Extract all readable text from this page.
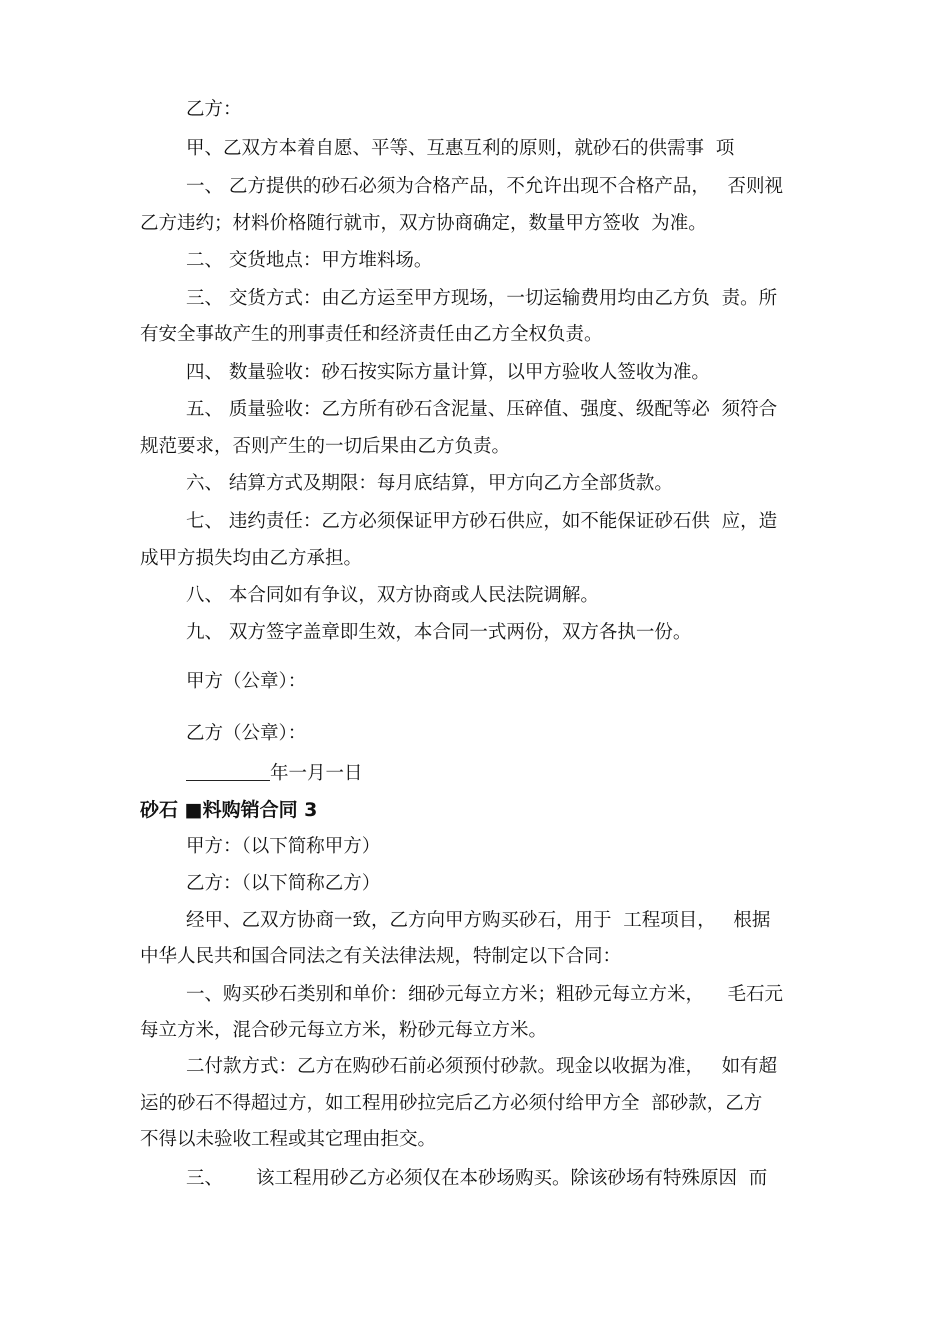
乙方：

甲、乙双方本着自愿、平等、互惠互利的原则，就砂石的供需事  项

一、 乙方提供的砂石必须为合格产品，不允许出现不合格产品，   否则视

乙方违约；材料价格随行就市，双方协商确定，数量甲方签收  为准。

二、 交货地点：甲方堆料场。

三、 交货方式：由乙方运至甲方现场，一切运输费用均由乙方负  责。所

有安全事故产生的刑事责任和经济责任由乙方全权负责。

四、 数量验收：砂石按实际方量计算，以甲方验收人签收为准。

五、 质量验收：乙方所有砂石含泥量、压碎值、强度、级配等必  须符合

规范要求，否则产生的一切后果由乙方负责。

六、 结算方式及期限：每月底结算，甲方向乙方全部货款。

七、 违约责任：乙方必须保证甲方砂石供应，如不能保证砂石供  应，造

成甲方损失均由乙方承担。

八、 本合同如有争议，双方协商或人民法院调解。

九、 双方签字盖章即生效，本合同一式两份，双方各执一份。

甲方（公章）：

乙方（公章）：

年一月一日

砂石 ■料购销合同 3

甲方：（以下简称甲方）

乙方：（以下简称乙方）

经甲、乙双方协商一致，乙方向甲方购买砂石，用于  工程项目，   根据

中华人民共和国合同法之有关法律法规，特制定以下合同：

一、购买砂石类别和单价：细砂元每立方米；粗砂元每立方米，    毛石元

每立方米，混合砂元每立方米，粉砂元每立方米。

二付款方式：乙方在购砂石前必须预付砂款。现金以收据为准，   如有超

运的砂石不得超过方，如工程用砂拉完后乙方必须付给甲方全  部砂款，乙方

不得以未验收工程或其它理由拒交。

三、 该工程用砂乙方必须仅在本砂场购买。除该砂场有特殊原因  而
